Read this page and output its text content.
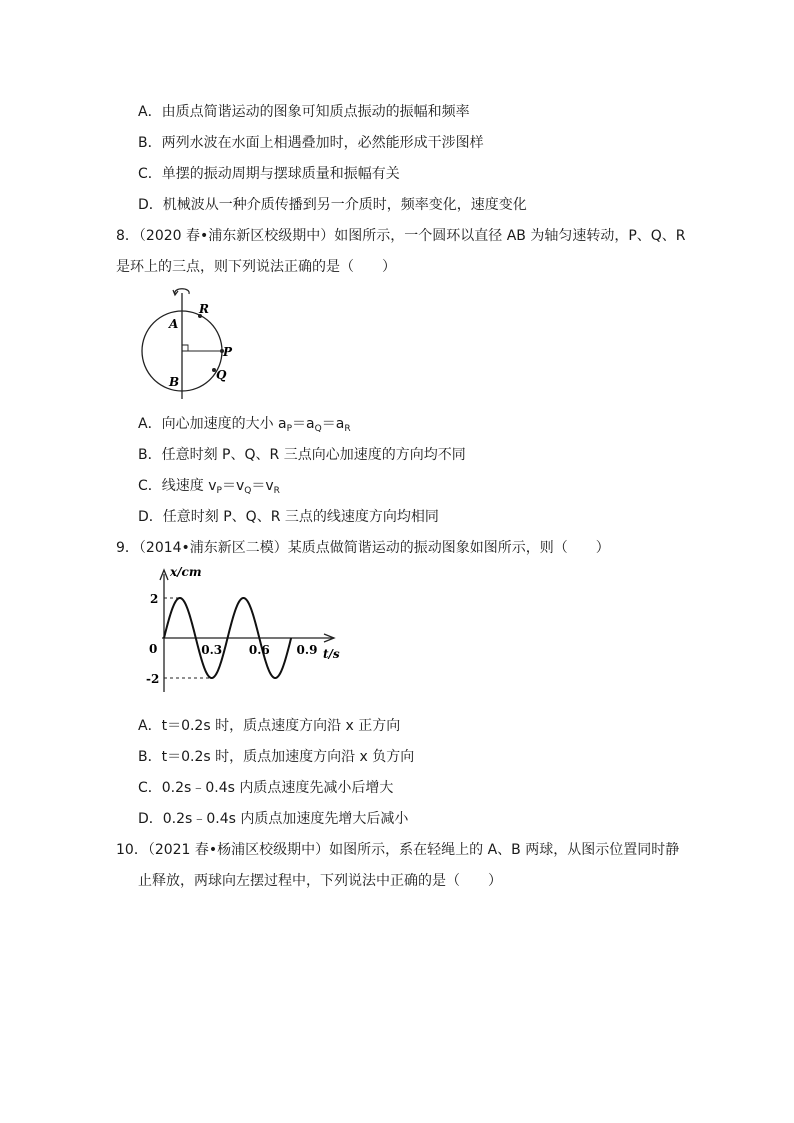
A．由质点简谐运动的图象可知质点振动的振幅和频率
B．两列水波在水面上相遇叠加时，必然能形成干涉图样
C．单摆的振动周期与摆球质量和振幅有关
D．机械波从一种介质传播到另一介质时，频率变化，速度变化
8．（2020 春•浦东新区校级期中）如图所示，一个圆环以直径 AB 为轴匀速转动，P、Q、R
是环上的三点，则下列说法正确的是（　　）
A
B
R
P
Q
A．向心加速度的大小 $a_P=a_Q=a_R$
B．任意时刻 P、Q、R 三点向心加速度的方向均不同
C．线速度 $v_P=v_Q=v_R$
D．任意时刻 P、Q、R 三点的线速度方向均相同
9．（2014•浦东新区二模）某质点做简谐运动的振动图象如图所示，则（　　）
x/cm
t/s
0
2
-2
0.3 0.6 0.9
A．t＝0.2s 时，质点速度方向沿 x 正方向
B．t＝0.2s 时，质点加速度方向沿 x 负方向
C．0.2s﹣0.4s 内质点速度先减小后增大
D．0.2s﹣0.4s 内质点加速度先增大后减小
10．（2021 春•杨浦区校级期中）如图所示，系在轻绳上的 A、B 两球，从图示位置同时静
止释放，两球向左摆过程中，下列说法中正确的是（　　）
